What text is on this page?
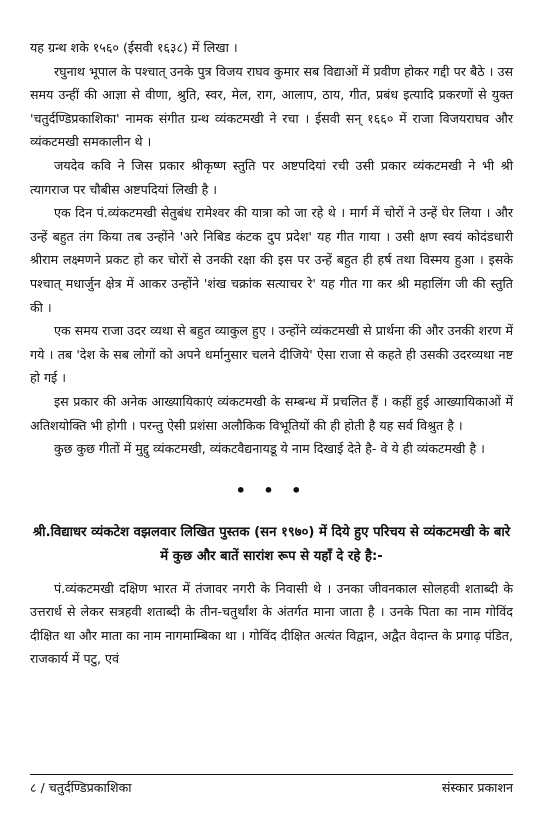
यह ग्रन्थ शके १५६० (ईसवी १६३८) में लिखा ।

रघुनाथ भूपाल के पश्चात् उनके पुत्र विजय राघव कुमार सब विद्याओं में प्रवीण होकर गद्दी पर बैठे । उस समय उन्हीं की आज्ञा से वीणा, श्रुति, स्वर, मेल, राग, आलाप, ठाय, गीत, प्रबंध इत्यादि प्रकरणों से युक्त 'चतुर्दण्डिप्रकाशिका' नामक संगीत ग्रन्थ व्यंकटमखी ने रचा । ईसवी सन् १६६० में राजा विजयराघव और व्यंकटमखी समकालीन थे ।

जयदेव कवि ने जिस प्रकार श्रीकृष्ण स्तुति पर अष्टपदियां रची उसी प्रकार व्यंकटमखी ने भी श्री त्यागराज पर चौबीस अष्टपदियां लिखी है ।

एक दिन पं.व्यंकटमखी सेतुबंध रामेश्वर की यात्रा को जा रहे थे । मार्ग में चोरों ने उन्हें घेर लिया । और उन्हें बहुत तंग किया तब उन्होंने 'अरे निबिड कंटक दुप प्रदेश' यह गीत गाया । उसी क्षण स्वयं कोदंडधारी श्रीराम लक्ष्मणने प्रकट हो कर चोरों से उनकी रक्षा की इस पर उन्हें बहुत ही हर्ष तथा विस्मय हुआ । इसके पश्चात् मधार्जुन क्षेत्र में आकर उन्होंने 'शंख चक्रांक सत्याचर रे' यह गीत गा कर श्री महालिंग जी की स्तुति की ।

एक समय राजा उदर व्यथा से बहुत व्याकुल हुए । उन्होंने व्यंकटमखी से प्रार्थना की और उनकी शरण में गये । तब 'देश के सब लोगों को अपने धर्मानुसार चलने दीजिये' ऐसा राजा से कहते ही उसकी उदरव्यथा नष्ट हो गई ।

इस प्रकार की अनेक आख्यायिकाएं व्यंकटमखी के सम्बन्ध में प्रचलित हैं । कहीं हुई आख्यायिकाओं में अतिशयोक्ति भी होगी । परन्तु ऐसी प्रशंसा अलौकिक विभूतियों की ही होती है यह सर्व विश्रुत है ।

कुछ कुछ गीतों में मुद्दु व्यंकटमखी, व्यंकटवैद्यनायडू ये नाम दिखाई देते है- वे ये ही व्यंकटमखी है ।

• • •
श्री.विद्याधर व्यंकटेश वझलवार लिखित पुस्तक (सन १९७०) में दिये हुए परिचय से व्यंकटमखी के बारे में कुछ और बातें सारांश रूप से यहाँ दे रहे है:-

पं.व्यंकटमखी दक्षिण भारत में तंजावर नगरी के निवासी थे । उनका जीवनकाल सोलहवी शताब्दी के उत्तरार्ध से लेकर सत्रहवी शताब्दी के तीन-चतुर्थांश के अंतर्गत माना जाता है । उनके पिता का नाम गोविंद दीक्षित था और माता का नाम नागमाम्बिका था । गोविंद दीक्षित अत्यंत विद्वान, अद्वैत वेदान्त के प्रगाढ़ पंडित, राजकार्य में पटु, एवं

८ / चतुर्दण्डिप्रकाशिका	संस्कार प्रकाशन
